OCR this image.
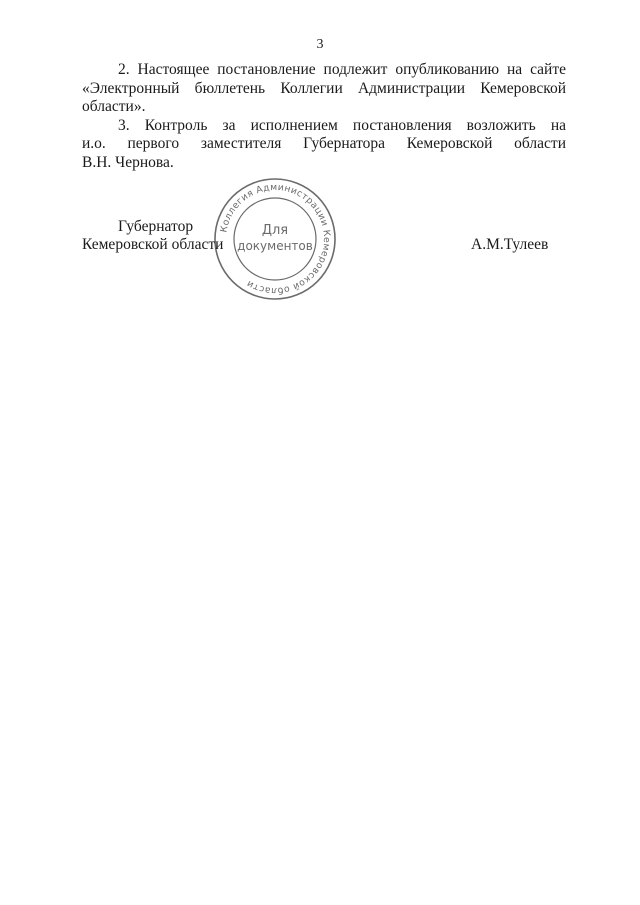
3
2. Настоящее постановление подлежит опубликованию на сайте
«Электронный бюллетень Коллегии Администрации Кемеровской
области».
3. Контроль за исполнением постановления возложить на
и.о. первого заместителя Губернатора Кемеровской области
В.Н. Чернова.
Коллегия Администрации Кемеровской области
Для
документов
Губернатор
Кемеровской области	А.М.Тулеев
